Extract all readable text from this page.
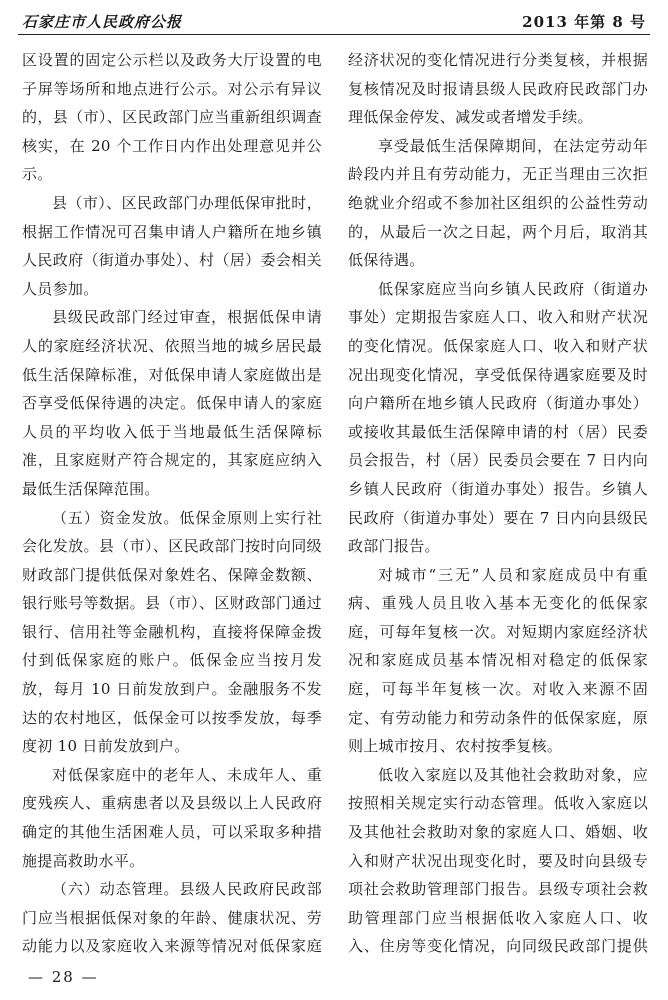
石家庄市人民政府公报	2013 年第 8 号

区设置的固定公示栏以及政务大厅设置的电子屏等场所和地点进行公示。对公示有异议的，县（市）、区民政部门应当重新组织调查核实，在 20 个工作日内作出处理意见并公示。

县（市）、区民政部门办理低保审批时，根据工作情况可召集申请人户籍所在地乡镇人民政府（街道办事处）、村（居）委会相关人员参加。

县级民政部门经过审查，根据低保申请人的家庭经济状况、依照当地的城乡居民最低生活保障标准，对低保申请人家庭做出是否享受低保待遇的决定。低保申请人的家庭人员的平均收入低于当地最低生活保障标准，且家庭财产符合规定的，其家庭应纳入最低生活保障范围。

（五）资金发放。低保金原则上实行社会化发放。县（市）、区民政部门按时向同级财政部门提供低保对象姓名、保障金数额、银行账号等数据。县（市）、区财政部门通过银行、信用社等金融机构，直接将保障金拨付到低保家庭的账户。低保金应当按月发放，每月 10 日前发放到户。金融服务不发达的农村地区，低保金可以按季发放，每季度初 10 日前发放到户。

对低保家庭中的老年人、未成年人、重度残疾人、重病患者以及县级以上人民政府确定的其他生活困难人员，可以采取多种措施提高救助水平。

（六）动态管理。县级人民政府民政部门应当根据低保对象的年龄、健康状况、劳动能力以及家庭收入来源等情况对低保家庭

经济状况的变化情况进行分类复核，并根据复核情况及时报请县级人民政府民政部门办理低保金停发、减发或者增发手续。

享受最低生活保障期间，在法定劳动年龄段内并且有劳动能力，无正当理由三次拒绝就业介绍或不参加社区组织的公益性劳动的，从最后一次之日起，两个月后，取消其低保待遇。

低保家庭应当向乡镇人民政府（街道办事处）定期报告家庭人口、收入和财产状况的变化情况。低保家庭人口、收入和财产状况出现变化情况，享受低保待遇家庭要及时向户籍所在地乡镇人民政府（街道办事处）或接收其最低生活保障申请的村（居）民委员会报告，村（居）民委员会要在 7 日内向乡镇人民政府（街道办事处）报告。乡镇人民政府（街道办事处）要在 7 日内向县级民政部门报告。

对城市“三无”人员和家庭成员中有重病、重残人员且收入基本无变化的低保家庭，可每年复核一次。对短期内家庭经济状况和家庭成员基本情况相对稳定的低保家庭，可每半年复核一次。对收入来源不固定、有劳动能力和劳动条件的低保家庭，原则上城市按月、农村按季复核。

低收入家庭以及其他社会救助对象，应按照相关规定实行动态管理。低收入家庭以及其他社会救助对象的家庭人口、婚姻、收入和财产状况出现变化时，要及时向县级专项社会救助管理部门报告。县级专项社会救助管理部门应当根据低收入家庭人口、收入、住房等变化情况，向同级民政部门提供

— 28 —
